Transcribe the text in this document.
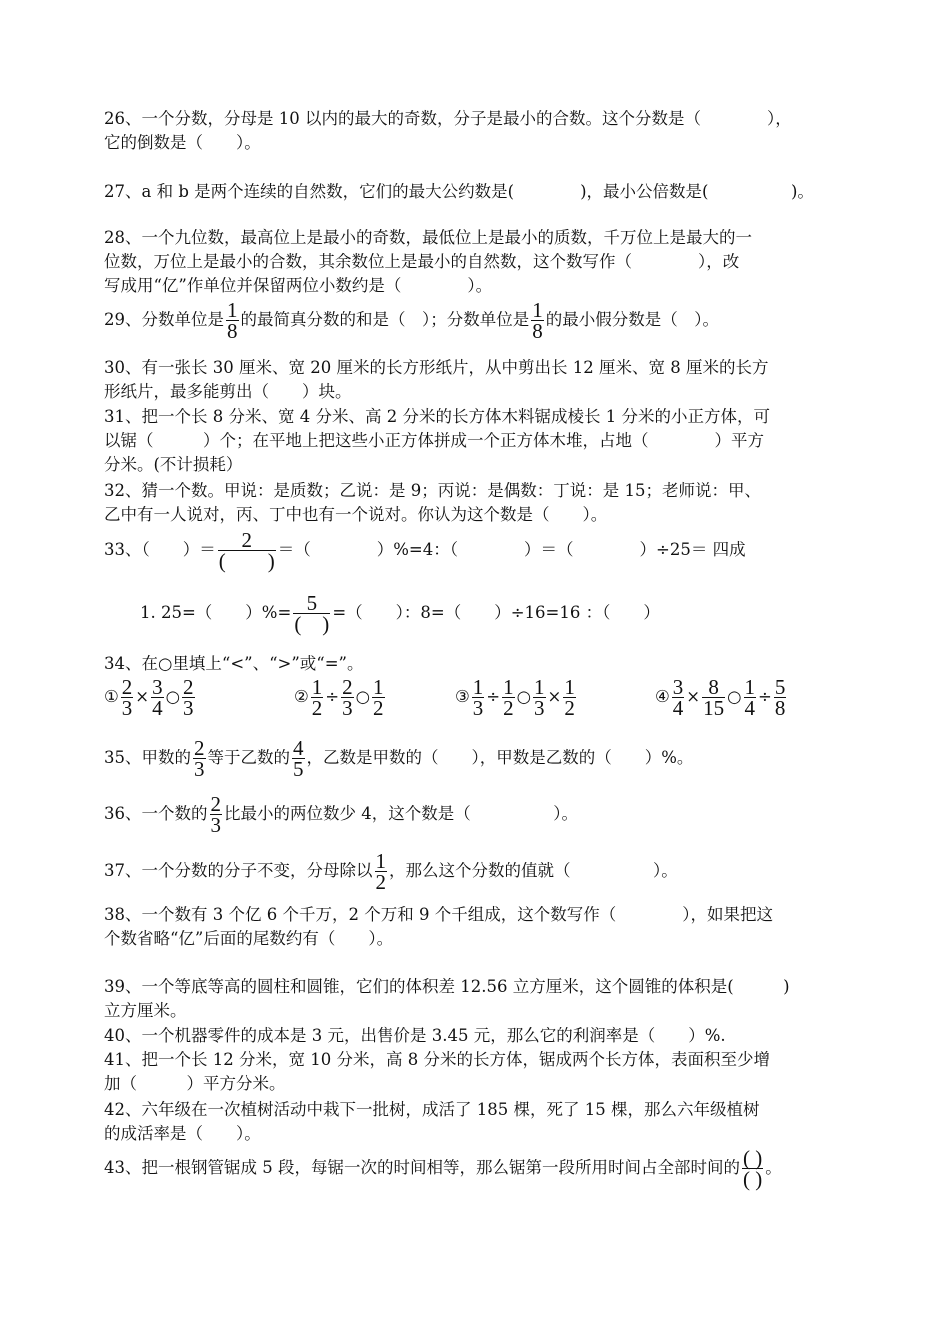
26、一个分数，分母是 10 以内的最大的奇数，分子是最小的合数。这个分数是（　　　　），
它的倒数是（　　）。
27、a 和 b 是两个连续的自然数，它们的最大公约数是(　　　　)，最小公倍数是(　　　　　)。
28、一个九位数，最高位上是最小的奇数，最低位上是最小的质数，千万位上是最大的一
位数，万位上是最小的合数，其余数位上是最小的自然数，这个数写作（　　　　），改
写成用“亿”作单位并保留两位小数约是（　　　　）。
29、分数单位是 $\frac{1}{8}$ 的最简真分数的和是（　）；分数单位是 $\frac{1}{8}$ 的最小假分数是（　）。
30、有一张长 30 厘米、宽 20 厘米的长方形纸片，从中剪出长 12 厘米、宽 8 厘米的长方
形纸片，最多能剪出（　　）块。
31、把一个长 8 分米、宽 4 分米、高 2 分米的长方体木料锯成棱长 1 分米的小正方体，可
以锯（　　　）个；在平地上把这些小正方体拼成一个正方体木堆，占地（　　　　）平方
分米。(不计损耗）
32、猜一个数。甲说：是质数；乙说：是 9；丙说：是偶数：丁说：是 15；老师说：甲、
乙中有一人说对，丙、丁中也有一个说对。你认为这个数是（　　）。
33、（　　）＝ $\frac{2}{( )}$ ＝（　　　　）%=4：（　　　　）＝（　　　　）÷25＝ 四成
1. 25=（　　）%= $\frac{5}{( )}$ =（　　）：8=（　　）÷16=16 ：（　　）
34、在○里填上“<”、“>”或“=”。
① $\frac{2}{3} \times \frac{3}{4}$ ○ $\frac{2}{3}$	② $\frac{1}{2} \div \frac{2}{3}$ ○ $\frac{1}{2}$	③ $\frac{1}{3} \div \frac{1}{2}$ ○ $\frac{1}{3} \times \frac{1}{2}$	④ $\frac{3}{4} \times \frac{8}{15}$ ○ $\frac{1}{4} \div \frac{5}{8}$
35、甲数的 $\frac{2}{3}$ 等于乙数的 $\frac{4}{5}$ ，乙数是甲数的（　　），甲数是乙数的（　　）%。
36、一个数的 $\frac{2}{3}$ 比最小的两位数少 4，这个数是（　　　　　）。
37、一个分数的分子不变，分母除以 $\frac{1}{2}$ ，那么这个分数的值就（　　　　　）。
38、一个数有 3 个亿 6 个千万，2 个万和 9 个千组成，这个数写作（　　　　），如果把这
个数省略“亿”后面的尾数约有（　　）。
39、一个等底等高的圆柱和圆锥，它们的体积差 12.56 立方厘米，这个圆锥的体积是(　　　)
立方厘米。
40、一个机器零件的成本是 3 元，出售价是 3.45 元，那么它的利润率是（　　）%.
41、把一个长 12 分米，宽 10 分米，高 8 分米的长方体，锯成两个长方体，表面积至少增
加（　　　）平方分米。
42、六年级在一次植树活动中栽下一批树，成活了 185 棵，死了 15 棵，那么六年级植树
的成活率是（　　）。
43、把一根钢管锯成 5 段，每锯一次的时间相等，那么锯第一段所用时间占全部时间的 $\frac{( )}{( )}$ 。
